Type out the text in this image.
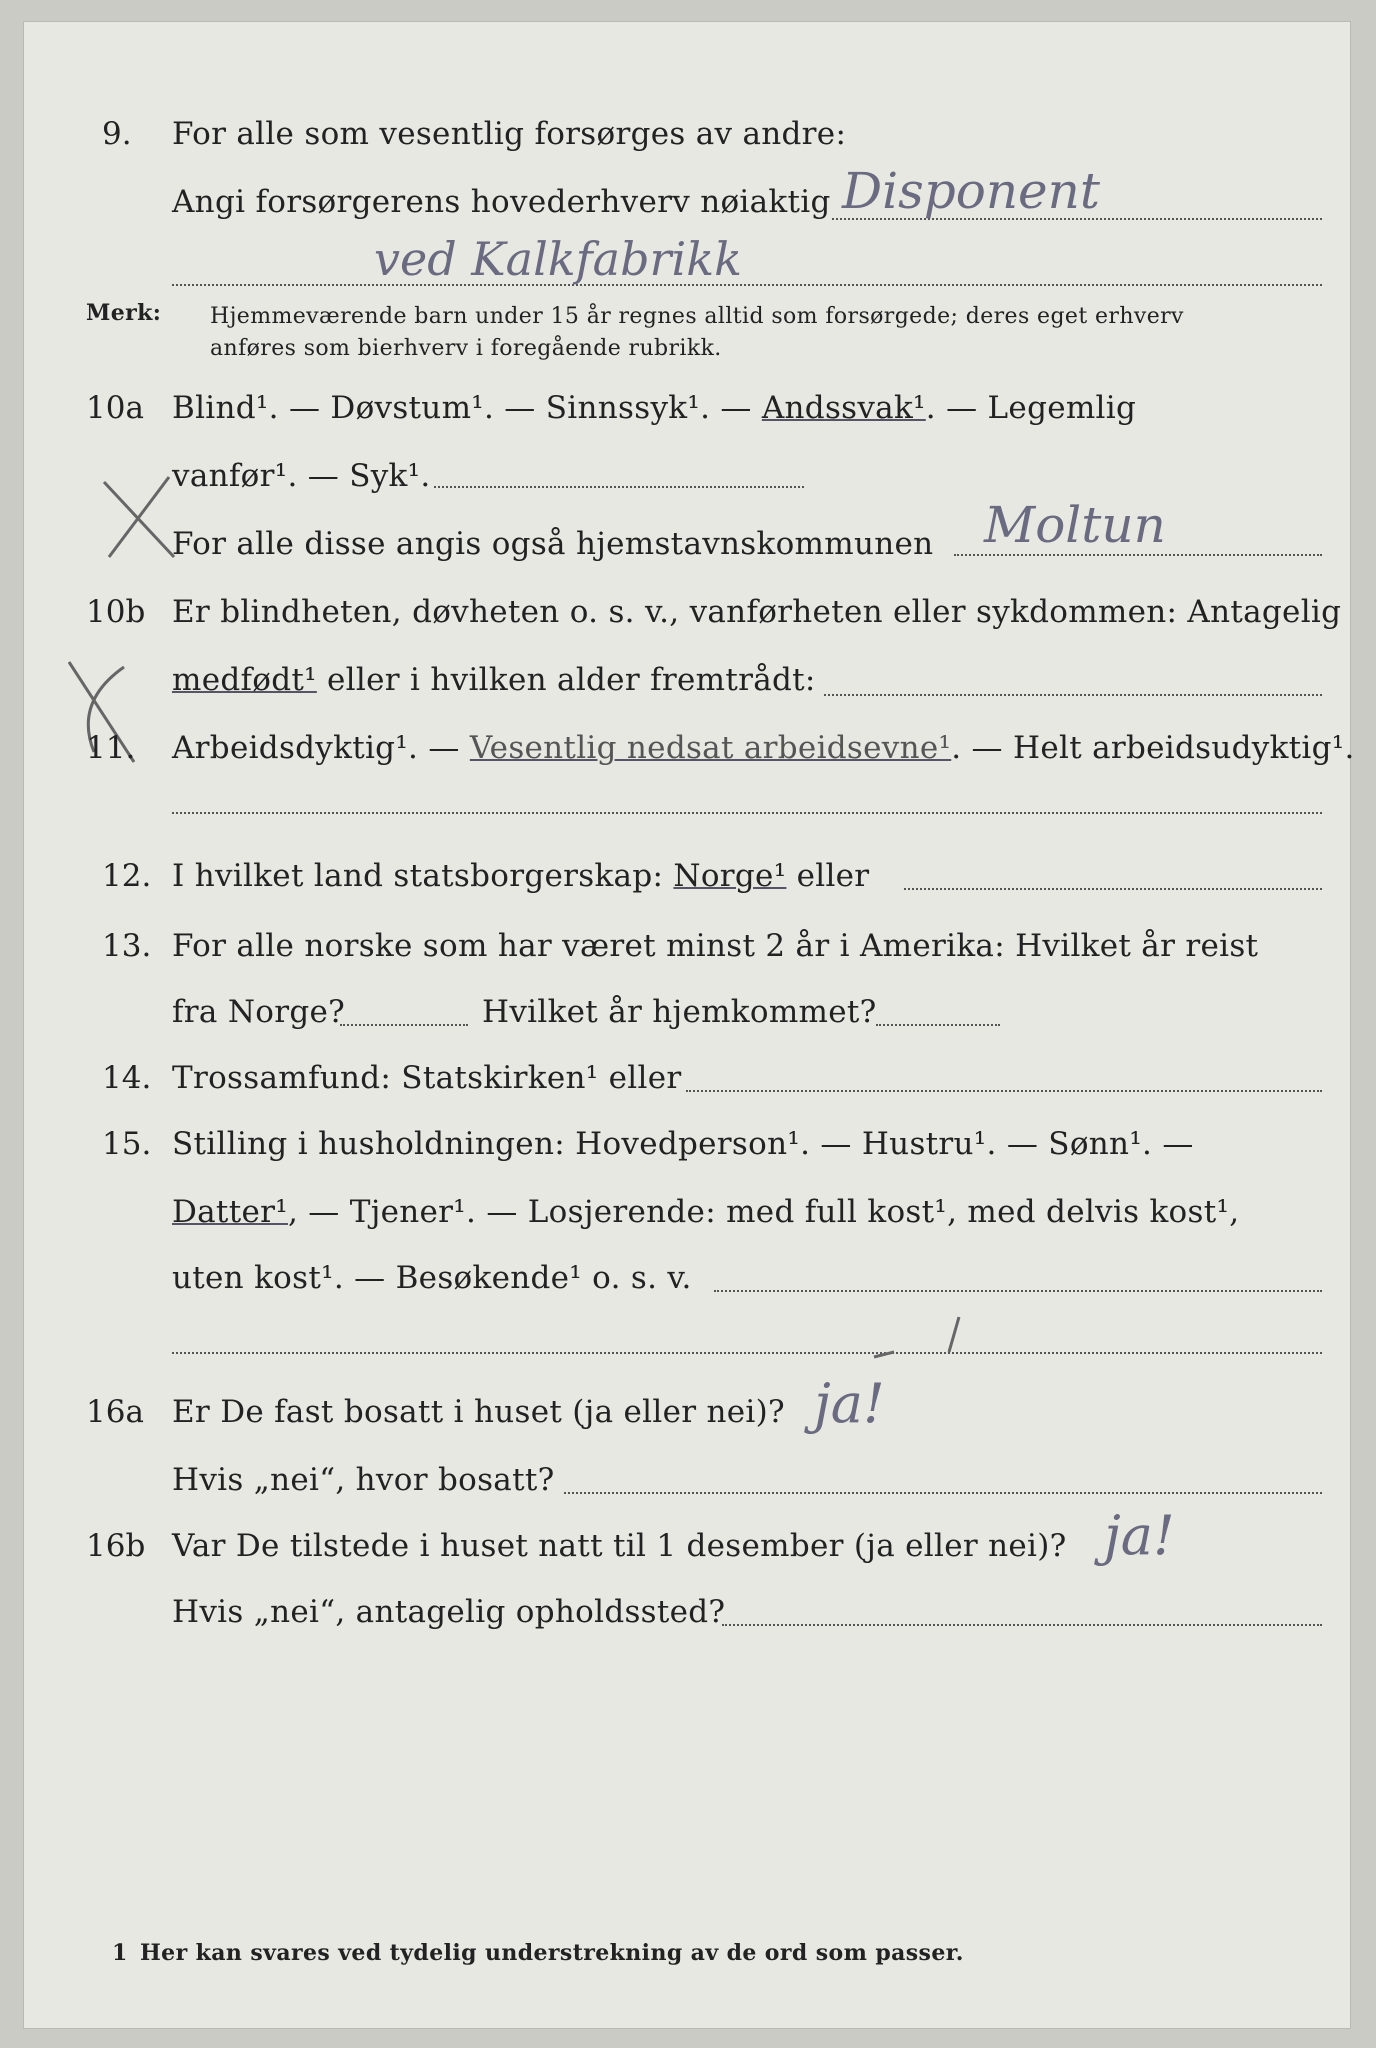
9. For alle som vesentlig forsørges av andre:
Angi forsørgerens hovederhverv nøiaktig Disponent
ved Kalkfabrikk
Merk: Hjemmeværende barn under 15 år regnes alltid som forsørgede; deres eget erhverv
anføres som bierhverv i foregående rubrikk.
10a Blind¹. — Døvstum¹. — Sinnssyk¹. — Andssvak¹. — Legemlig
vanfør¹. — Syk¹.
For alle disse angis også hjemstavnskommunen Moltun
10b Er blindheten, døvheten o. s. v., vanførheten eller sykdommen: Antagelig
medfødt¹ eller i hvilken alder fremtrådt:
11. Arbeidsdyktig¹. — Vesentlig nedsat arbeidsevne¹. — Helt arbeidsudyktig¹.
12. I hvilket land statsborgerskap: Norge¹ eller
13. For alle norske som har været minst 2 år i Amerika: Hvilket år reist
fra Norge?	Hvilket år hjemkommet?
14. Trossamfund: Statskirken¹ eller
15. Stilling i husholdningen: Hovedperson¹. — Hustru¹. — Sønn¹. —
Datter¹, — Tjener¹. — Losjerende: med full kost¹, med delvis kost¹,
uten kost¹. — Besøkende¹ o. s. v.
16a Er De fast bosatt i huset (ja eller nei)? ja!
Hvis „nei“, hvor bosatt?
16b Var De tilstede i huset natt til 1 desember (ja eller nei)? ja!
Hvis „nei“, antagelig opholdssted?
1 Her kan svares ved tydelig understrekning av de ord som passer.
